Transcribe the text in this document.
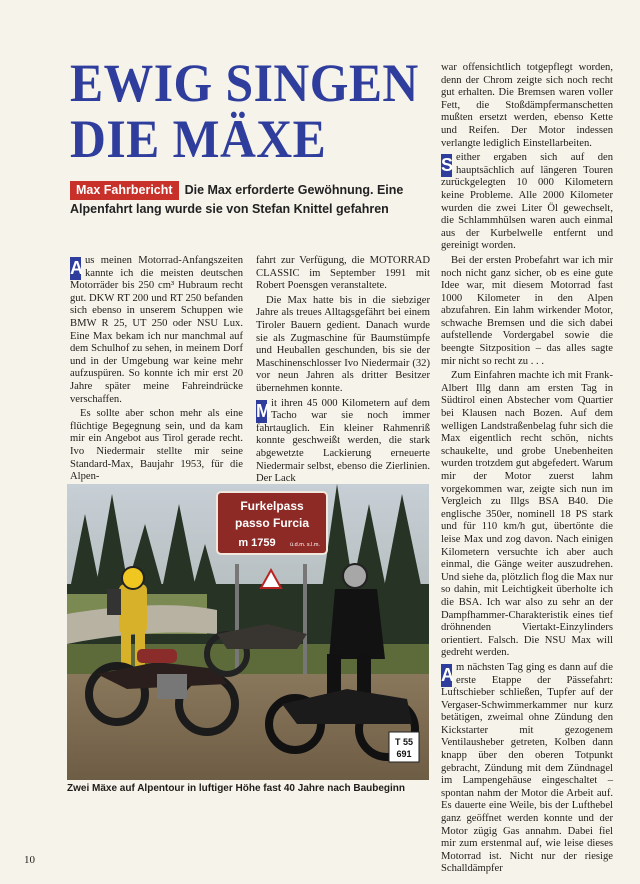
EWIG SINGEN
DIE MÄXE
Max Fahrbericht Die Max erforderte Gewöhnung. Eine Alpenfahrt lang wurde sie von Stefan Knittel gefahren

A us meinen Motorrad-Anfangszeiten kannte ich die meisten deutschen Motorräder bis 250 cm³ Hubraum recht gut. DKW RT 200 und RT 250 befanden sich ebenso in unserem Schuppen wie BMW R 25, UT 250 oder NSU Lux. Eine Max bekam ich nur manchmal auf dem Schulhof zu sehen, in meinem Dorf und in der Umgebung war keine mehr aufzuspüren. So konnte ich mir erst 20 Jahre später meine Fahreindrücke verschaffen.

Es sollte aber schon mehr als eine flüchtige Begegnung sein, und da kam mir ein Angebot aus Tirol gerade recht. Ivo Niedermair stellte mir seine Standard-Max, Baujahr 1953, für die Alpen-

fahrt zur Verfügung, die MOTORRAD CLASSIC im September 1991 mit Robert Poensgen veranstaltete.

Die Max hatte bis in die siebziger Jahre als treues Alltagsgefährt bei einem Tiroler Bauern gedient. Danach wurde sie als Zugmaschine für Baumstümpfe und Heuballen geschunden, bis sie der Maschinenschlosser Ivo Niedermair (32) vor neun Jahren als dritter Besitzer übernehmen konnte.

M it ihren 45 000 Kilometern auf dem Tacho war sie noch immer fahrtauglich. Ein kleiner Rahmenriß konnte geschweißt werden, die stark abgewetzte Lackierung erneuerte Niedermair selbst, ebenso die Zierlinien. Der Lack

war offensichtlich totgepflegt worden, denn der Chrom zeigte sich noch recht gut erhalten. Die Bremsen waren voller Fett, die Stoßdämpfermanschetten mußten ersetzt werden, ebenso Kette und Reifen. Der Motor indessen verlangte lediglich Einstellarbeiten.

S either ergaben sich auf den hauptsächlich auf längeren Touren zurückgelegten 10 000 Kilometern keine Probleme. Alle 2000 Kilometer wurden die zwei Liter Öl gewechselt, die Schlammhülsen waren auch einmal aus der Kurbelwelle entfernt und gereinigt worden.

Bei der ersten Probefahrt war ich mir noch nicht ganz sicher, ob es eine gute Idee war, mit diesem Motorrad fast 1000 Kilometer in den Alpen abzufahren. Ein lahm wirkender Motor, schwache Bremsen und die sich dabei aufstellende Vordergabel sowie die beengte Sitzposition – das alles sagte mir nicht so recht zu . . .

Zum Einfahren machte ich mit Frank-Albert Illg dann am ersten Tag in Südtirol einen Abstecher vom Quartier bei Klausen nach Bozen. Auf dem welligen Landstraßenbelag fuhr sich die Max eigentlich recht schön, nichts schaukelte, und grobe Unebenheiten wurden trotzdem gut abgefedert. Warum mir der Motor zuerst lahm vorgekommen war, zeigte sich nun im Vergleich zu Illgs BSA B40. Die englische 350er, nominell 18 PS stark und für 110 km/h gut, übertönte die leise Max und zog davon. Nach einigen Kilometern versuchte ich aber auch einmal, die Gänge weiter auszudrehen. Und siehe da, plötzlich flog die Max nur so dahin, mit Leichtigkeit überholte ich die BSA. Ich war also zu sehr an der Dampfhammer-Charakteristik eines tief dröhnenden Viertakt-Einzylinders orientiert. Falsch. Die NSU Max will gedreht werden.

A m nächsten Tag ging es dann auf die erste Etappe der Pässefahrt: Luftschieber schließen, Tupfer auf der Vergaser-Schwimmerkammer nur kurz betätigen, zweimal ohne Zündung den Kickstarter mit gezogenem Ventilausheber getreten, Kolben dann knapp über den oberen Totpunkt gebracht, Zündung mit dem Zündnagel im Lampengehäuse eingeschaltet – spontan nahm der Motor die Arbeit auf. Es dauerte eine Weile, bis der Lufthebel ganz geöffnet werden konnte und der Motor zügig Gas annahm. Dabei fiel mir zum erstenmal auf, wie leise dieses Motorrad ist. Nicht nur der riesige Schalldämpfer

Furkelpass
passo Furcia
m 1759	ü.d.m. s.l.m.
T 55
691
Zwei Mäxe auf Alpentour in luftiger Höhe fast 40 Jahre nach Baubeginn
10
